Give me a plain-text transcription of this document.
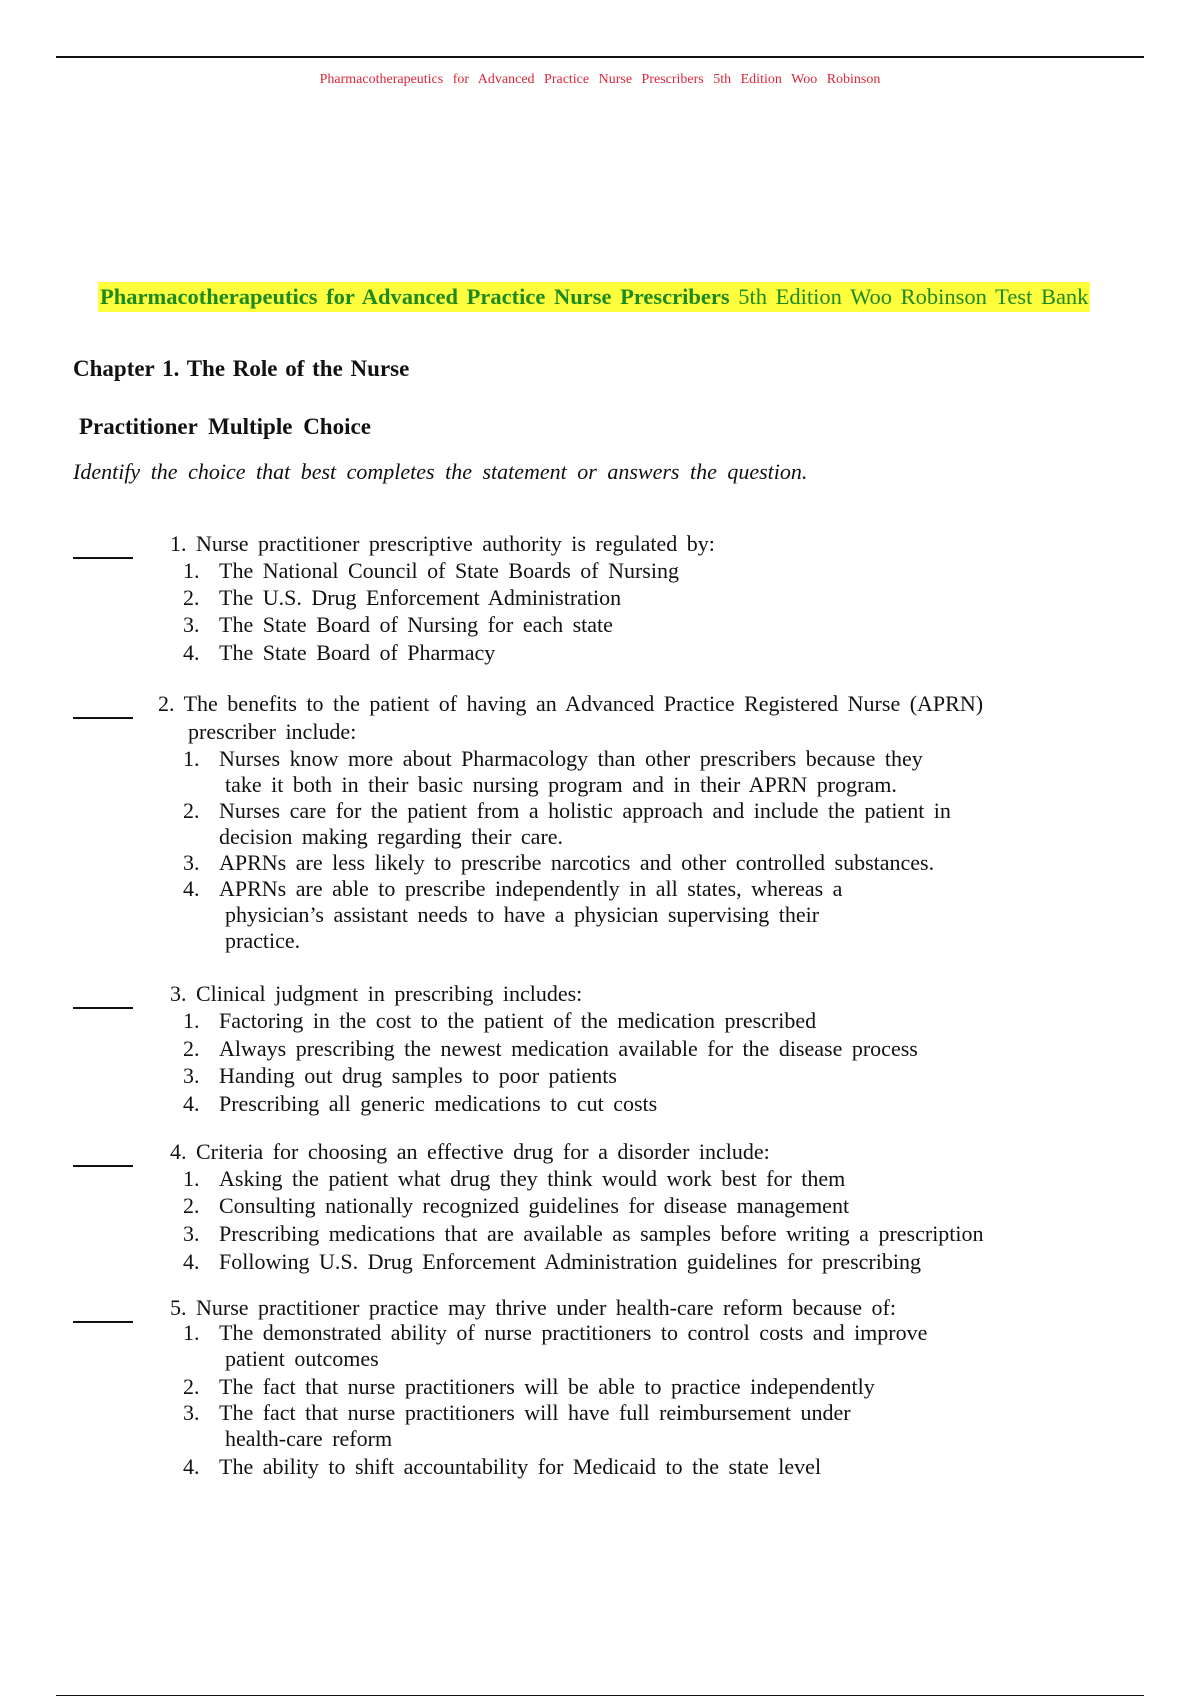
Pharmacotherapeutics for Advanced Practice Nurse Prescribers 5th Edition Woo Robinson
Pharmacotherapeutics for Advanced Practice Nurse Prescribers 5th Edition Woo Robinson Test Bank
Chapter 1. The Role of the Nurse
Practitioner Multiple Choice
Identify the choice that best completes the statement or answers the question.
1. Nurse practitioner prescriptive authority is regulated by:
1. The National Council of State Boards of Nursing
2. The U.S. Drug Enforcement Administration
3. The State Board of Nursing for each state
4. The State Board of Pharmacy
2. The benefits to the patient of having an Advanced Practice Registered Nurse (APRN)
prescriber include:
1. Nurses know more about Pharmacology than other prescribers because they
take it both in their basic nursing program and in their APRN program.
2. Nurses care for the patient from a holistic approach and include the patient in
decision making regarding their care.
3. APRNs are less likely to prescribe narcotics and other controlled substances.
4. APRNs are able to prescribe independently in all states, whereas a
physician’s assistant needs to have a physician supervising their
practice.
3. Clinical judgment in prescribing includes:
1. Factoring in the cost to the patient of the medication prescribed
2. Always prescribing the newest medication available for the disease process
3. Handing out drug samples to poor patients
4. Prescribing all generic medications to cut costs
4. Criteria for choosing an effective drug for a disorder include:
1. Asking the patient what drug they think would work best for them
2. Consulting nationally recognized guidelines for disease management
3. Prescribing medications that are available as samples before writing a prescription
4. Following U.S. Drug Enforcement Administration guidelines for prescribing
5. Nurse practitioner practice may thrive under health-care reform because of:
1. The demonstrated ability of nurse practitioners to control costs and improve
patient outcomes
2. The fact that nurse practitioners will be able to practice independently
3. The fact that nurse practitioners will have full reimbursement under
health-care reform
4. The ability to shift accountability for Medicaid to the state level
